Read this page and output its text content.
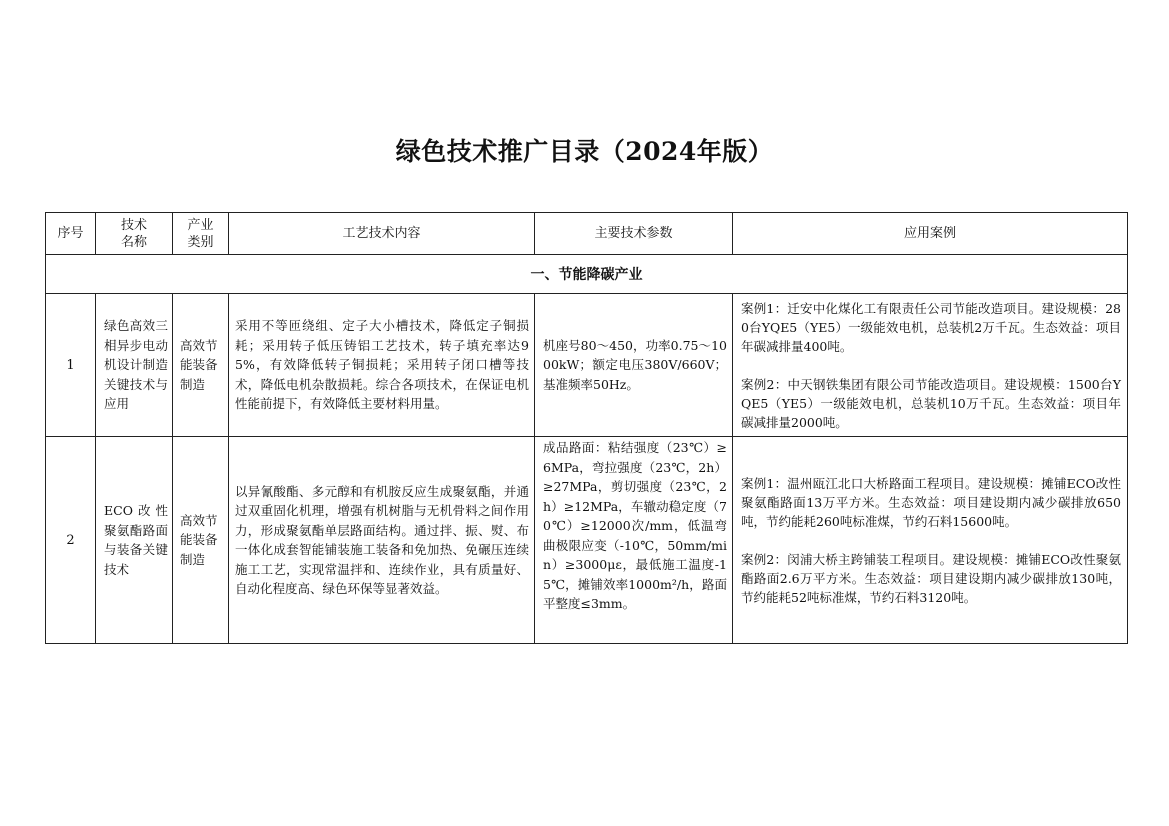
绿色技术推广目录（2024年版）
序号	技术名称	产业类别	工艺技术内容	主要技术参数	应用案例
一、节能降碳产业					
1	绿色高效三相异步电动机设计制造关键技术与应用	高效节能装备制造	采用不等匝绕组、定子大小槽技术，降低定子铜损耗；采用转子低压铸铝工艺技术，转子填充率达95%，有效降低转子铜损耗；采用转子闭口槽等技术，降低电机杂散损耗。综合各项技术，在保证电机性能前提下，有效降低主要材料用量。	机座号80～450，功率0.75～1000kW；额定电压380V/660V；基准频率50Hz。	案例1：迁安中化煤化工有限责任公司节能改造项目。建设规模：280台YQE5（YE5）一级能效电机，总装机2万千瓦。生态效益：项目年碳减排量400吨。
案例2：中天钢铁集团有限公司节能改造项目。建设规模：1500台YQE5（YE5）一级能效电机，总装机10万千瓦。生态效益：项目年碳减排量2000吨。

2	ECO改性聚氨酯路面与装备关键技术	高效节能装备制造	以异氰酸酯、多元醇和有机胺反应生成聚氨酯，并通过双重固化机理，增强有机树脂与无机骨料之间作用力，形成聚氨酯单层路面结构。通过拌、振、熨、布一体化成套智能铺装施工装备和免加热、免碾压连续施工工艺，实现常温拌和、连续作业，具有质量好、自动化程度高、绿色环保等显著效益。	成品路面：粘结强度（23℃）≥6MPa，弯拉强度（23℃，2h）≥27MPa，剪切强度（23℃，2h）≥12MPa，车辙动稳定度（70℃）≥12000次/mm，低温弯曲极限应变（-10℃，50mm/min）≥3000με，最低施工温度-15℃，摊铺效率1000m²/h，路面平整度≤3mm。	案例1：温州瓯江北口大桥路面工程项目。建设规模：摊铺ECO改性聚氨酯路面13万平方米。生态效益：项目建设期内减少碳排放650吨，节约能耗260吨标准煤，节约石料15600吨。
案例2：闵浦大桥主跨铺装工程项目。建设规模：摊铺ECO改性聚氨酯路面2.6万平方米。生态效益：项目建设期内减少碳排放130吨，节约能耗52吨标准煤，节约石料3120吨。
